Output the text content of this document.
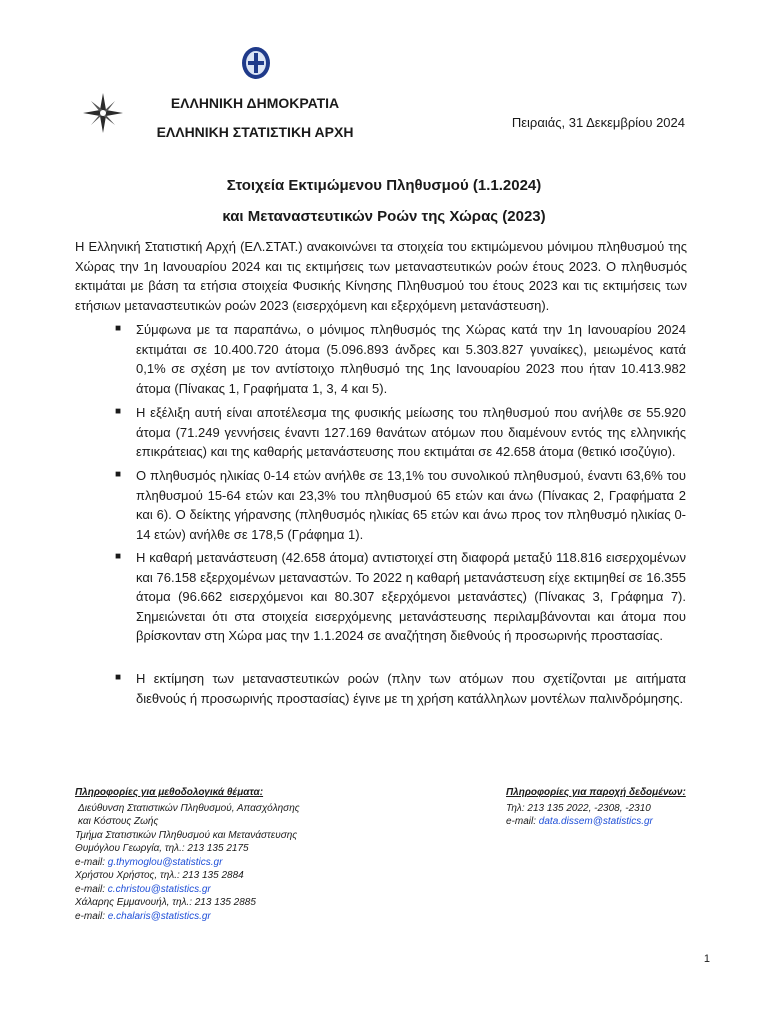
ΕΛΛΗΝΙΚΗ ΔΗΜΟΚΡΑΤΙΑ
ΕΛΛΗΝΙΚΗ ΣΤΑΤΙΣΤΙΚΗ ΑΡΧΗ
Πειραιάς, 31 Δεκεμβρίου 2024
Στοιχεία Εκτιμώμενου Πληθυσμού (1.1.2024)
και Μεταναστευτικών Ροών της Χώρας (2023)
Η Ελληνική Στατιστική Αρχή (ΕΛ.ΣΤΑΤ.) ανακοινώνει τα στοιχεία του εκτιμώμενου μόνιμου πληθυσμού της Χώρας την 1η Ιανουαρίου 2024 και τις εκτιμήσεις των μεταναστευτικών ροών έτους 2023. Ο πληθυσμός εκτιμάται με βάση τα ετήσια στοιχεία Φυσικής Κίνησης Πληθυσμού του έτους 2023 και τις εκτιμήσεις των ετήσιων μεταναστευτικών ροών 2023 (εισερχόμενη και εξερχόμενη μετανάστευση).
■ Σύμφωνα με τα παραπάνω, ο μόνιμος πληθυσμός της Χώρας κατά την 1η Ιανουαρίου 2024 εκτιμάται σε 10.400.720 άτομα (5.096.893 άνδρες και 5.303.827 γυναίκες), μειωμένος κατά 0,1% σε σχέση με τον αντίστοιχο πληθυσμό της 1ης Ιανουαρίου 2023 που ήταν 10.413.982 άτομα (Πίνακας 1, Γραφήματα 1, 3, 4 και 5).
■ Η εξέλιξη αυτή είναι αποτέλεσμα της φυσικής μείωσης του πληθυσμού που ανήλθε σε 55.920 άτομα (71.249 γεννήσεις έναντι 127.169 θανάτων ατόμων που διαμένουν εντός της ελληνικής επικράτειας) και της καθαρής μετανάστευσης που εκτιμάται σε 42.658 άτομα (θετικό ισοζύγιο).
■ Ο πληθυσμός ηλικίας 0-14 ετών ανήλθε σε 13,1% του συνολικού πληθυσμού, έναντι 63,6% του πληθυσμού 15-64 ετών και 23,3% του πληθυσμού 65 ετών και άνω (Πίνακας 2, Γραφήματα 2 και 6). Ο δείκτης γήρανσης (πληθυσμός ηλικίας 65 ετών και άνω προς τον πληθυσμό ηλικίας 0-14 ετών) ανήλθε σε 178,5 (Γράφημα 1).
■ Η καθαρή μετανάστευση (42.658 άτομα) αντιστοιχεί στη διαφορά μεταξύ 118.816 εισερχομένων και 76.158 εξερχομένων μεταναστών. Το 2022 η καθαρή μετανάστευση είχε εκτιμηθεί σε 16.355 άτομα (96.662 εισερχόμενοι και 80.307 εξερχόμενοι μετανάστες) (Πίνακας 3, Γράφημα 7). Σημειώνεται ότι στα στοιχεία εισερχόμενης μετανάστευσης περιλαμβάνονται και άτομα που βρίσκονταν στη Χώρα μας την 1.1.2024 σε αναζήτηση διεθνούς ή προσωρινής προστασίας.
■ Η εκτίμηση των μεταναστευτικών ροών (πλην των ατόμων που σχετίζονται με αιτήματα διεθνούς ή προσωρινής προστασίας) έγινε με τη χρήση κατάλληλων μοντέλων παλινδρόμησης.
Πληροφορίες για μεθοδολογικά θέματα:
Διεύθυνση Στατιστικών Πληθυσμού, Απασχόλησης
και Κόστους Ζωής
Τμήμα Στατιστικών Πληθυσμού και Μετανάστευσης
Θυμόγλου Γεωργία, τηλ.: 213 135 2175
e-mail: g.thymoglou@statistics.gr
Χρήστου Χρήστος, τηλ.: 213 135 2884
e-mail: c.christou@statistics.gr
Χάλαρης Εμμανουήλ, τηλ.: 213 135 2885
e-mail: e.chalaris@statistics.gr
Πληροφορίες για παροχή δεδομένων:
Τηλ: 213 135 2022, -2308, -2310
e-mail: data.dissem@statistics.gr
1
